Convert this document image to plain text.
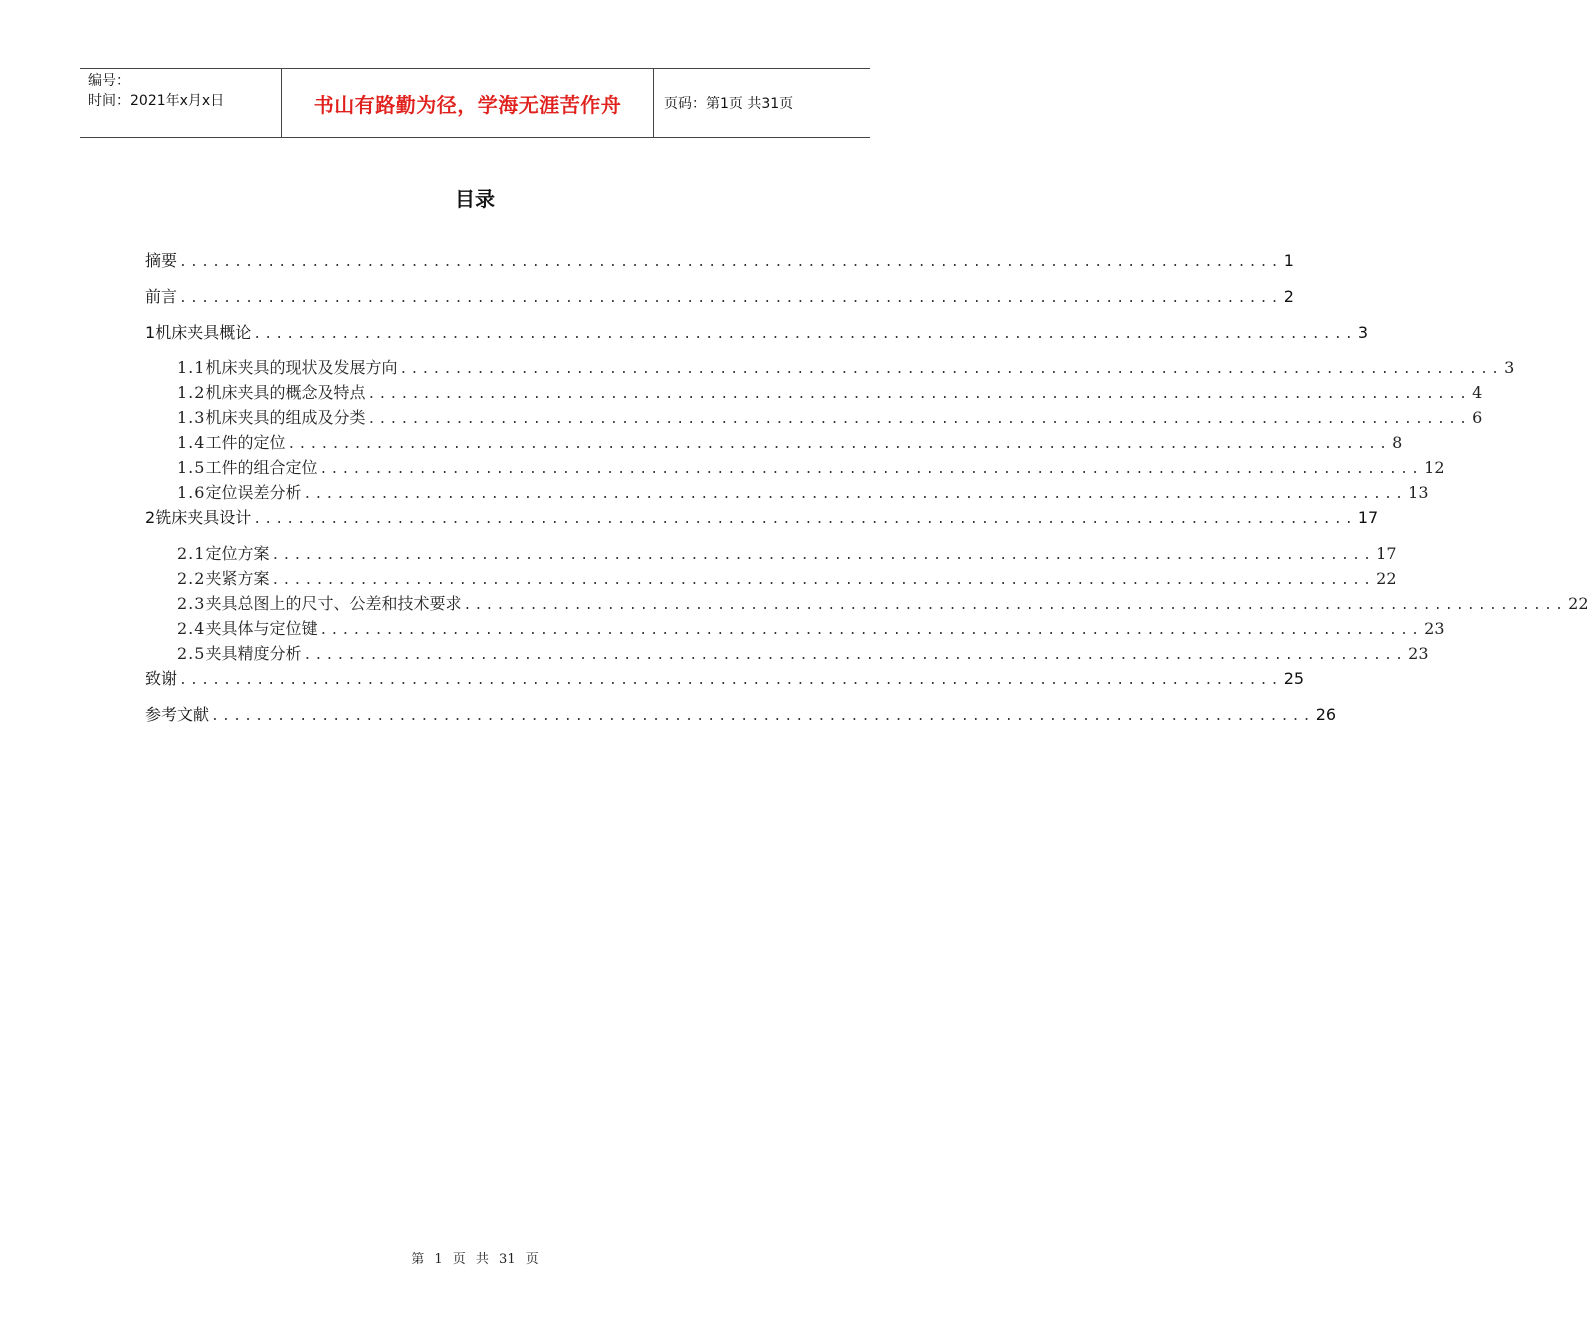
编号：
时间：2021年x月x日	书山有路勤为径，学海无涯苦作舟	页码：第1页 共31页
目录
摘要 .................................................................................................... 1
前言 .................................................................................................... 2
1 机床夹具概论 .................................................................................................... 3
1.1 机床夹具的现状及发展方向 .................................................................................................... 3
1.2 机床夹具的概念及特点 .................................................................................................... 4
1.3 机床夹具的组成及分类 .................................................................................................... 6
1.4 工件的定位 .................................................................................................... 8
1.5 工件的组合定位 .................................................................................................... 12
1.6 定位误差分析 .................................................................................................... 13
2 铣床夹具设计 .................................................................................................... 17
2.1 定位方案 .................................................................................................... 17
2.2 夹紧方案 .................................................................................................... 22
2.3 夹具总图上的尺寸、公差和技术要求 .................................................................................................... 22
2.4 夹具体与定位键 .................................................................................................... 23
2.5 夹具精度分析 .................................................................................................... 23
致谢 .................................................................................................... 25
参考文献 .................................................................................................... 26
第 1 页 共 31 页
